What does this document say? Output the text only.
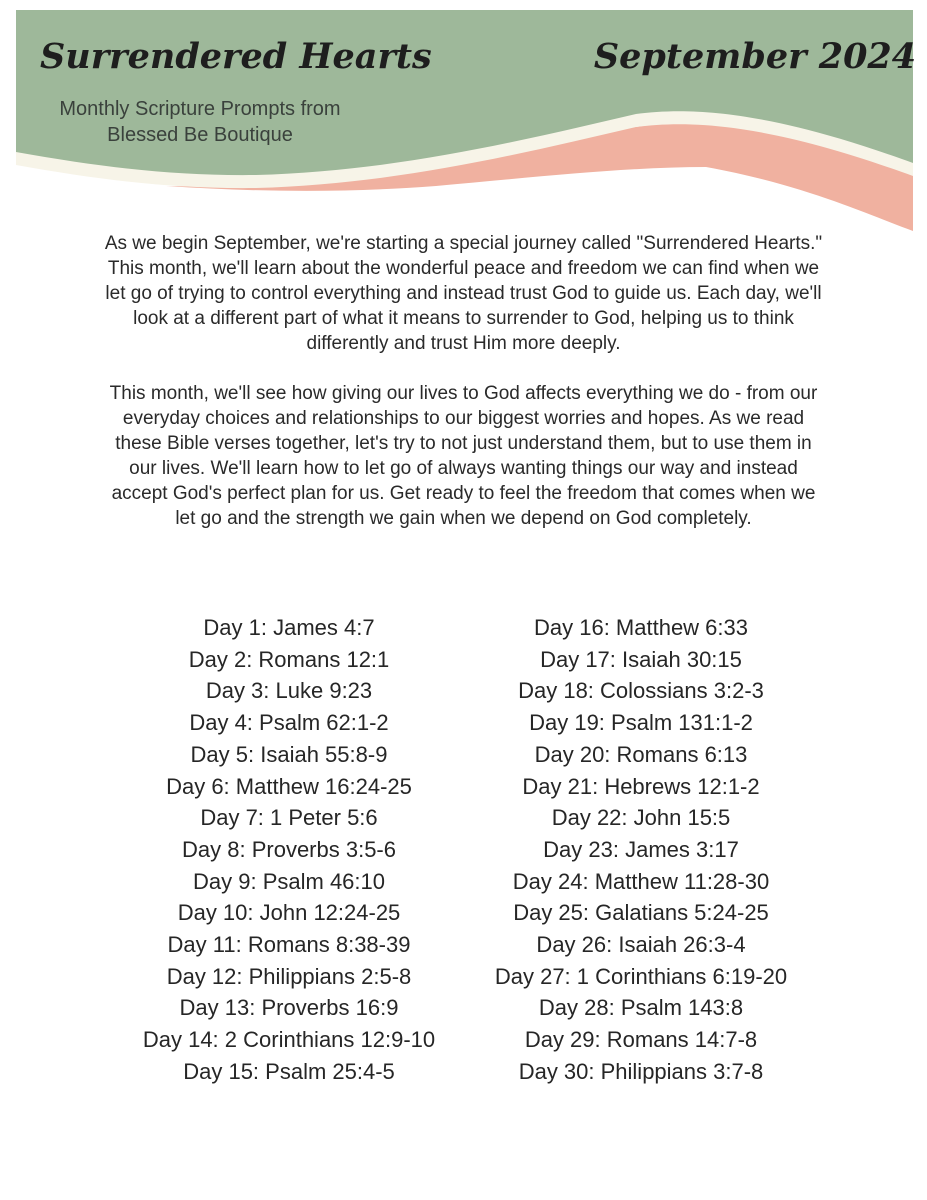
Surrendered Hearts	September 2024
Monthly Scripture Prompts from
Blessed Be Boutique
As we begin September, we're starting a special journey called "Surrendered Hearts."
This month, we'll learn about the wonderful peace and freedom we can find when we
let go of trying to control everything and instead trust God to guide us. Each day, we'll
look at a different part of what it means to surrender to God, helping us to think
differently and trust Him more deeply.
This month, we'll see how giving our lives to God affects everything we do - from our
everyday choices and relationships to our biggest worries and hopes. As we read
these Bible verses together, let's try to not just understand them, but to use them in
our lives. We'll learn how to let go of always wanting things our way and instead
accept God's perfect plan for us. Get ready to feel the freedom that comes when we
let go and the strength we gain when we depend on God completely.
Day 1: James 4:7
Day 2: Romans 12:1
Day 3: Luke 9:23
Day 4: Psalm 62:1-2
Day 5: Isaiah 55:8-9
Day 6: Matthew 16:24-25
Day 7: 1 Peter 5:6
Day 8: Proverbs 3:5-6
Day 9: Psalm 46:10
Day 10: John 12:24-25
Day 11: Romans 8:38-39
Day 12: Philippians 2:5-8
Day 13: Proverbs 16:9
Day 14: 2 Corinthians 12:9-10
Day 15: Psalm 25:4-5
Day 16: Matthew 6:33
Day 17: Isaiah 30:15
Day 18: Colossians 3:2-3
Day 19: Psalm 131:1-2
Day 20: Romans 6:13
Day 21: Hebrews 12:1-2
Day 22: John 15:5
Day 23: James 3:17
Day 24: Matthew 11:28-30
Day 25: Galatians 5:24-25
Day 26: Isaiah 26:3-4
Day 27: 1 Corinthians 6:19-20
Day 28: Psalm 143:8
Day 29: Romans 14:7-8
Day 30: Philippians 3:7-8
